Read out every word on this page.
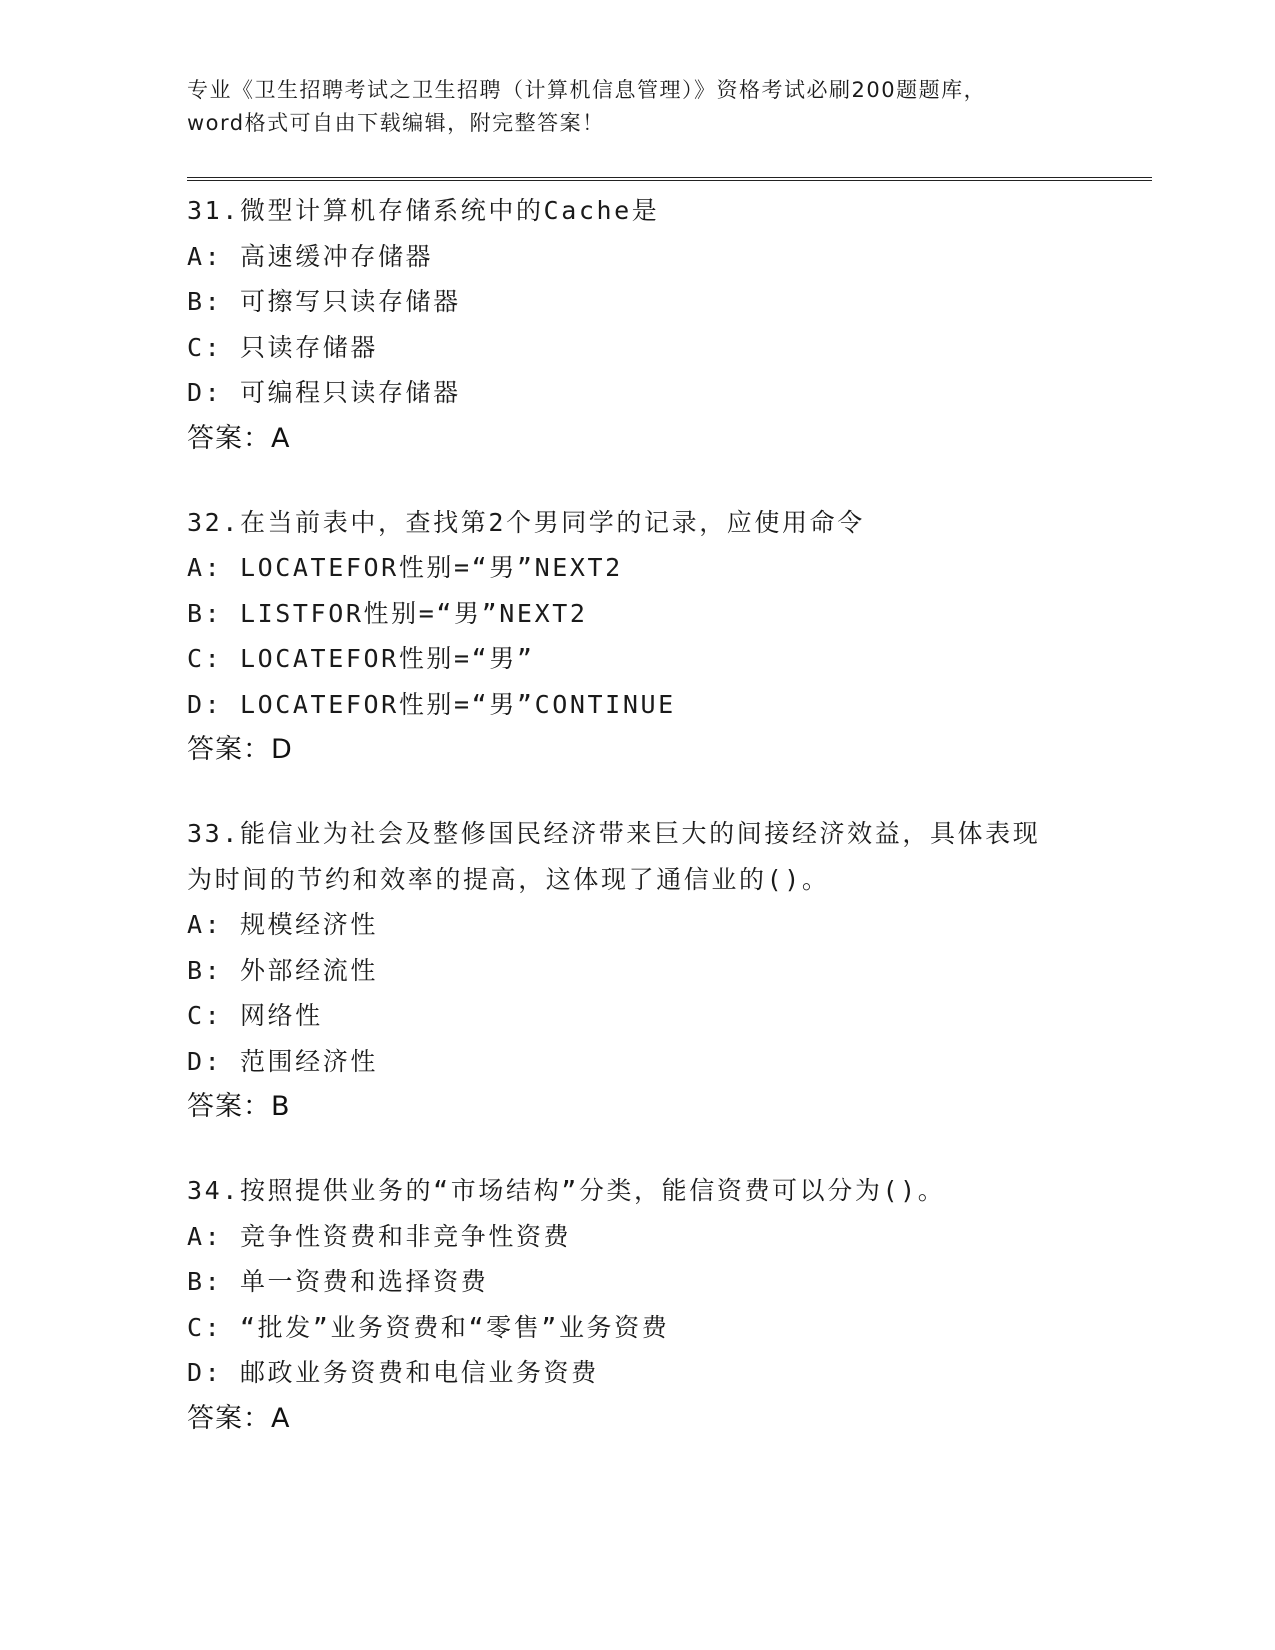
专业《卫生招聘考试之卫生招聘（计算机信息管理）》资格考试必刷200题题库，
word格式可自由下载编辑，附完整答案！
31.微型计算机存储系统中的Cache是
A: 高速缓冲存储器
B: 可擦写只读存储器
C: 只读存储器
D: 可编程只读存储器
答案：A
32.在当前表中，查找第2个男同学的记录，应使用命令
A: LOCATEFOR性别=“男”NEXT2
B: LISTFOR性别=“男”NEXT2
C: LOCATEFOR性别=“男”
D: LOCATEFOR性别=“男”CONTINUE
答案：D
33.能信业为社会及整修国民经济带来巨大的间接经济效益，具体表现
为时间的节约和效率的提高，这体现了通信业的()。
A: 规模经济性
B: 外部经流性
C: 网络性
D: 范围经济性
答案：B
34.按照提供业务的“市场结构”分类，能信资费可以分为()。
A: 竞争性资费和非竞争性资费
B: 单一资费和选择资费
C: “批发”业务资费和“零售”业务资费
D: 邮政业务资费和电信业务资费
答案：A
